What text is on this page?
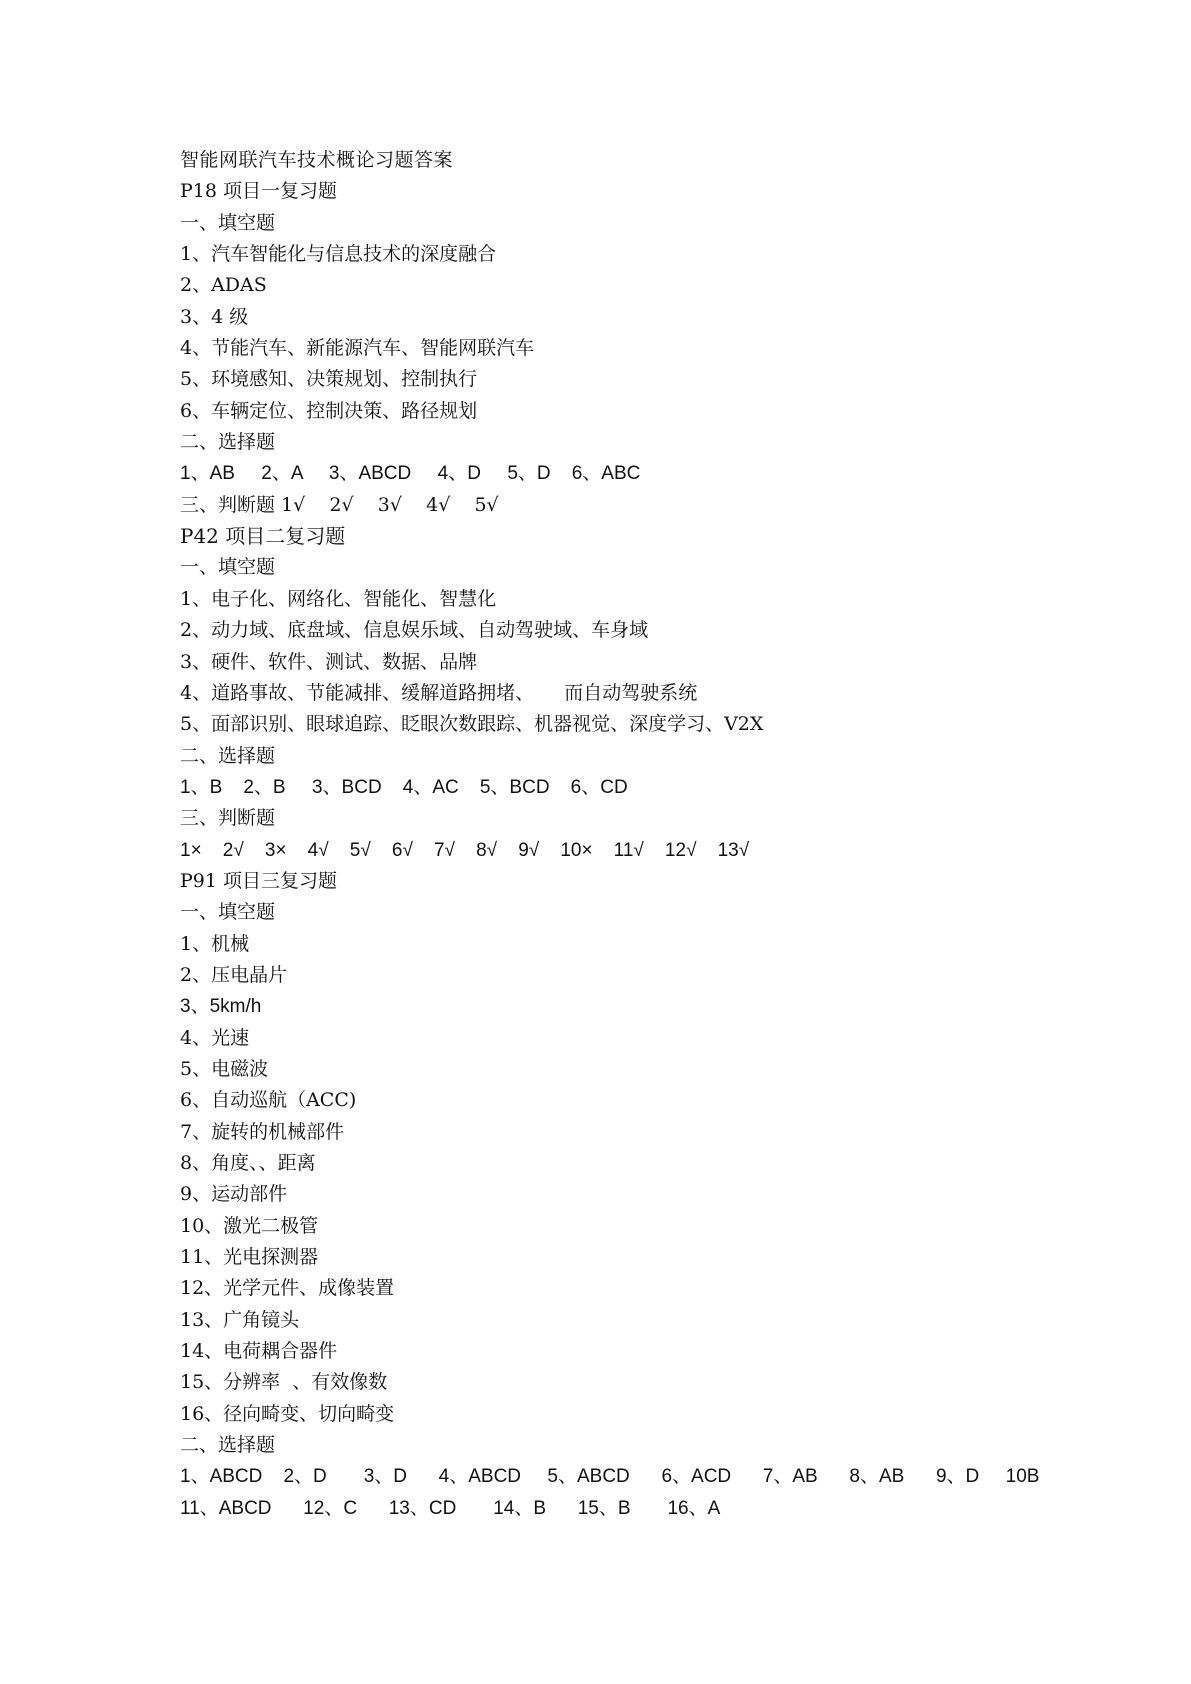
智能网联汽车技术概论习题答案
P18 项目一复习题
一、填空题
1、汽车智能化与信息技术的深度融合
2、ADAS
3、4 级
4、节能汽车、新能源汽车、智能网联汽车
5、环境感知、决策规划、控制执行
6、车辆定位、控制决策、路径规划
二、选择题
1、AB     2、A     3、ABCD     4、D     5、D    6、ABC
三、判断题 1√    2√    3√    4√    5√
P42 项目二复习题
一、填空题
1、电子化、网络化、智能化、智慧化
2、动力域、底盘域、信息娱乐域、自动驾驶域、车身域
3、硬件、软件、测试、数据、品牌
4、道路事故、节能减排、缓解道路拥堵、     而自动驾驶系统
5、面部识别、眼球追踪、眨眼次数跟踪、机器视觉、深度学习、V2X
二、选择题
1、B    2、B     3、BCD    4、AC    5、BCD    6、CD
三、判断题
1×    2√    3×    4√    5√    6√    7√    8√    9√    10×    11√    12√    13√
P91 项目三复习题
一、填空题
1、机械
2、压电晶片
3、5km/h
4、光速
5、电磁波
6、自动巡航（ACC)
7、旋转的机械部件
8、角度、、距离
9、运动部件
10、激光二极管
11、光电探测器
12、光学元件、成像装置
13、广角镜头
14、电荷耦合器件
15、分辨率  、有效像数
16、径向畸变、切向畸变
二、选择题
1、ABCD    2、D       3、D      4、ABCD     5、ABCD      6、ACD      7、AB      8、AB      9、D     10B
11、ABCD      12、C      13、CD       14、B      15、B       16、A
